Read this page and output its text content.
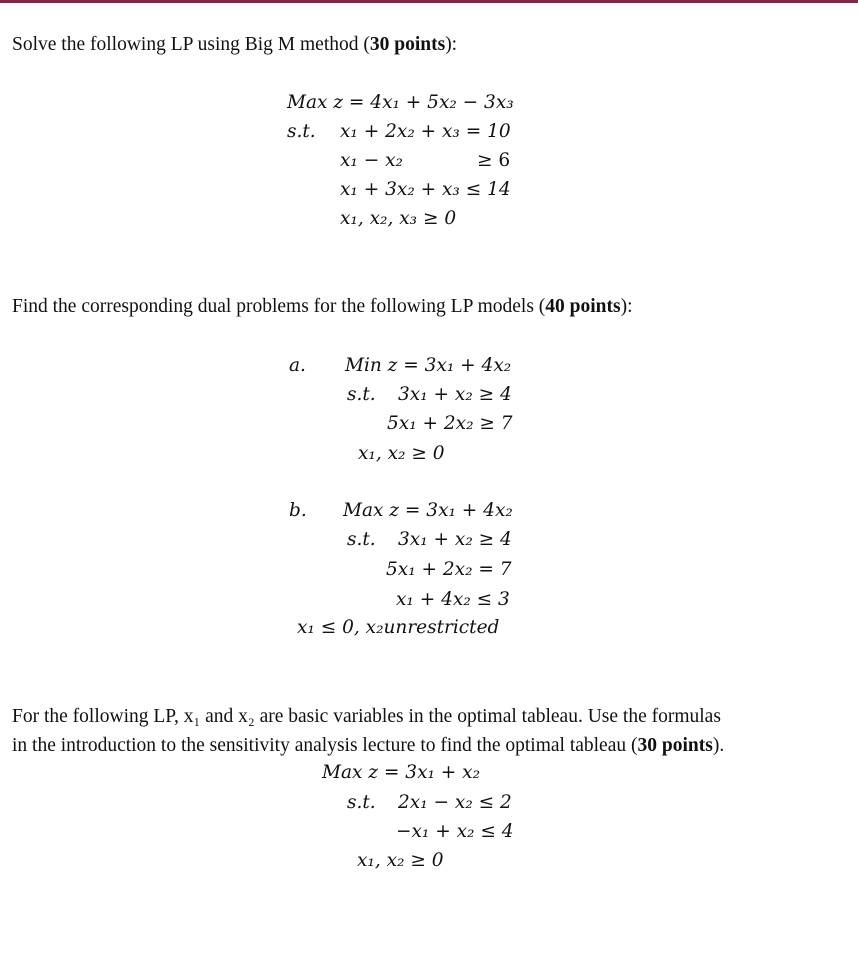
Solve the following LP using Big M method (30 points):
Max z = 4x₁ + 5x₂ − 3x₃
s.t. x₁ + 2x₂ + x₃ = 10
x₁ − x₂	≥ 6
x₁ + 3x₂ + x₃ ≤ 14
x₁, x₂, x₃ ≥ 0
Find the corresponding dual problems for the following LP models (40 points):
a. Min z = 3x₁ + 4x₂
s.t. 3x₁ + x₂ ≥ 4
5x₁ + 2x₂ ≥ 7
x₁, x₂ ≥ 0
b. Max z = 3x₁ + 4x₂
s.t. 3x₁ + x₂ ≥ 4
5x₁ + 2x₂ = 7
x₁ + 4x₂ ≤ 3
x₁ ≤ 0, x₂unrestricted
For the following LP, x₁ and x₂ are basic variables in the optimal tableau. Use the formulas
in the introduction to the sensitivity analysis lecture to find the optimal tableau (30 points).
Max z = 3x₁ + x₂
s.t. 2x₁ − x₂ ≤ 2
−x₁ + x₂ ≤ 4
x₁, x₂ ≥ 0
